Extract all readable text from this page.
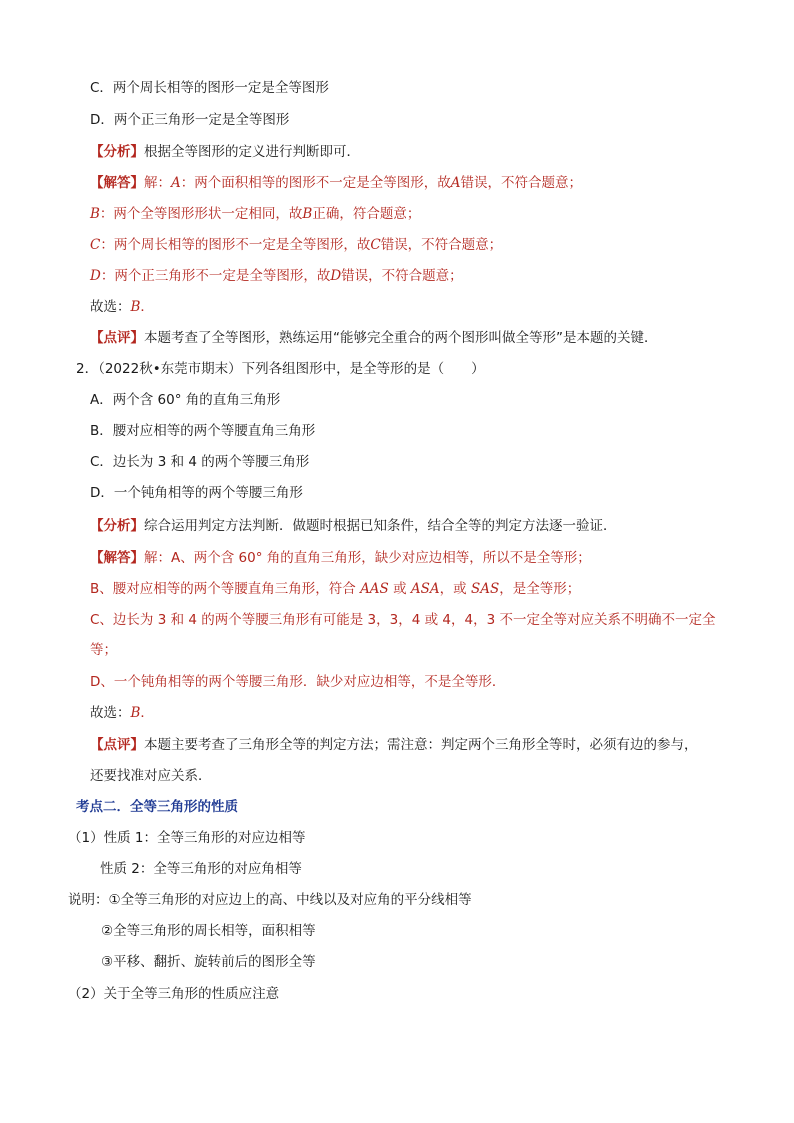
C．两个周长相等的图形一定是全等图形
D．两个正三角形一定是全等图形
【分析】根据全等图形的定义进行判断即可．
【解答】解：A：两个面积相等的图形不一定是全等图形，故A错误，不符合题意；
B：两个全等图形形状一定相同，故B正确，符合题意；
C：两个周长相等的图形不一定是全等图形，故C错误，不符合题意；
D：两个正三角形不一定是全等图形，故D错误，不符合题意；
故选：B．
【点评】本题考查了全等图形，熟练运用“能够完全重合的两个图形叫做全等形”是本题的关键．
2．（2022秋•东莞市期末）下列各组图形中，是全等形的是（　　）
A．两个含 60° 角的直角三角形
B．腰对应相等的两个等腰直角三角形
C．边长为 3 和 4 的两个等腰三角形
D．一个钝角相等的两个等腰三角形
【分析】综合运用判定方法判断．做题时根据已知条件，结合全等的判定方法逐一验证．
【解答】解：A、两个含 60° 角的直角三角形，缺少对应边相等，所以不是全等形；
B、腰对应相等的两个等腰直角三角形，符合 AAS 或 ASA，或 SAS，是全等形；
C、边长为 3 和 4 的两个等腰三角形有可能是 3，3，4 或 4，4，3 不一定全等对应关系不明确不一定全
等；
D、一个钝角相等的两个等腰三角形．缺少对应边相等，不是全等形．
故选：B．
【点评】本题主要考查了三角形全等的判定方法；需注意：判定两个三角形全等时，必须有边的参与，
还要找准对应关系．
考点二．全等三角形的性质
（1）性质 1：全等三角形的对应边相等
性质 2：全等三角形的对应角相等
说明：①全等三角形的对应边上的高、中线以及对应角的平分线相等
②全等三角形的周长相等，面积相等
③平移、翻折、旋转前后的图形全等
（2）关于全等三角形的性质应注意
